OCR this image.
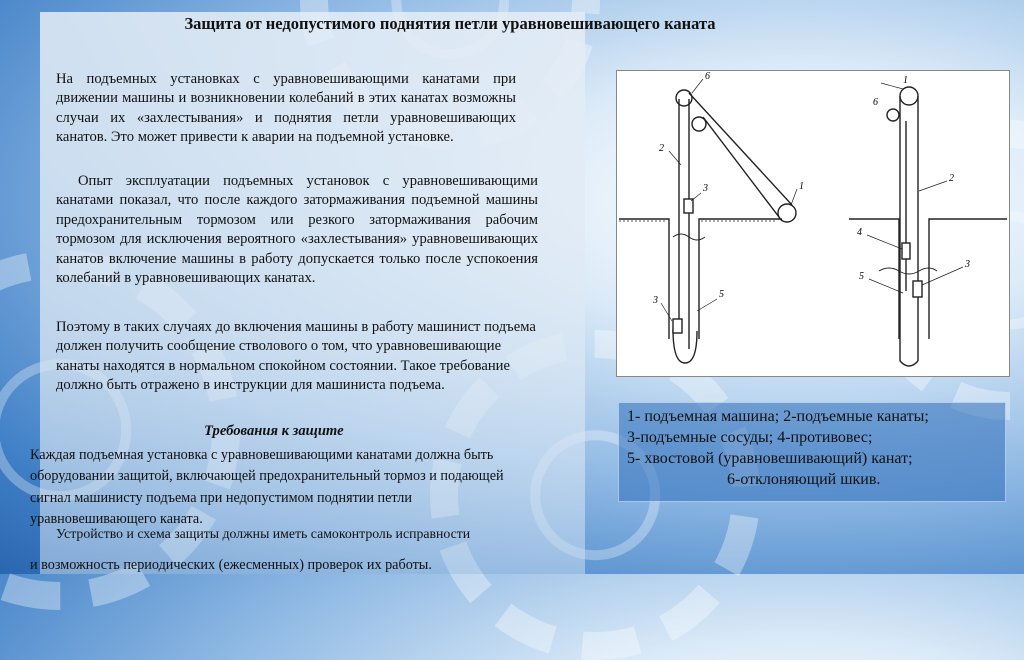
Защита от недопустимого поднятия петли уравновешивающего каната

На подъемных установках с уравновешивающими канатами при движении машины и возникновении колебаний в этих канатах возможны случаи их «захлестывания» и поднятия петли уравновешивающих канатов. Это может привести к аварии на подъемной установке.

Опыт эксплуатации подъемных установок с уравновешивающими канатами показал, что после каждого затормаживания подъемной машины предохранительным тормозом или резкого затормаживания рабочим тормозом для исключения вероятного «захлестывания» уравновешивающих канатов включение машины в работу допускается только после успокоения колебаний в уравновешивающих канатах.

Поэтому в таких случаях до включения машины в работу машинист подъема должен получить сообщение стволового о том, что уравновешивающие канаты находятся в нормальном спокойном состоянии. Такое требование должно быть отражено в инструкции для машиниста подъема.

Требования к защите

Каждая подъемная установка с уравновешивающими канатами должна быть оборудовании защитой, включающей предохранительный тормоз и подающей сигнал машинисту подъема при недопустимом поднятии петли уравновешивающего каната.

Устройство и схема защиты должны иметь самоконтроль исправности

и возможность периодических (ежесменных) проверок их работы.

6
2
3
3
5
1
1
6
2
4
3
5
1- подъемная машина; 2-подъемные канаты;
3-подъемные сосуды; 4-противовес;
5- хвостовой (уравновешивающий) канат;
6-отклоняющий шкив.
